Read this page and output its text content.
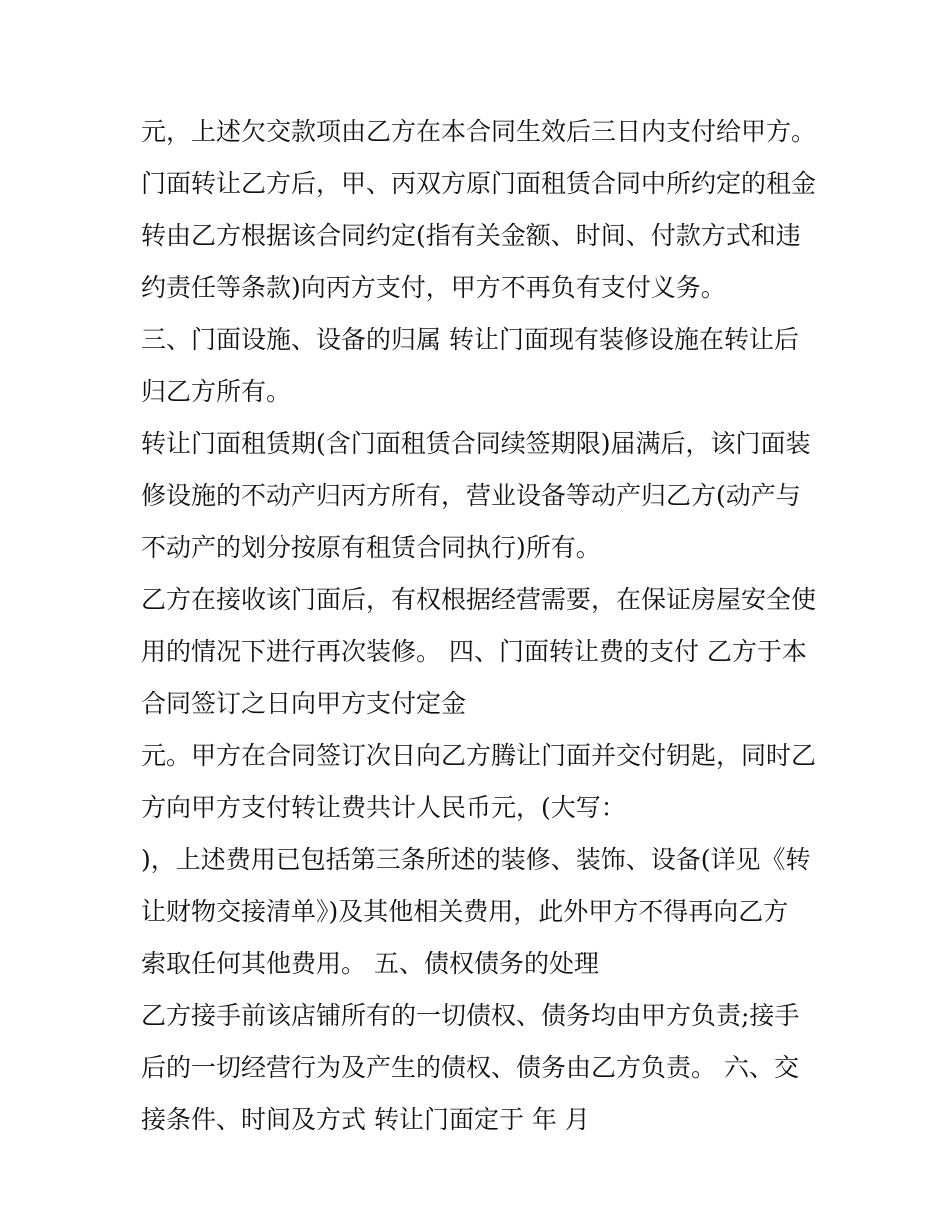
元，上述欠交款项由乙方在本合同生效后三日内支付给甲方。
门面转让乙方后，甲、丙双方原门面租赁合同中所约定的租金
转由乙方根据该合同约定(指有关金额、时间、付款方式和违
约责任等条款)向丙方支付，甲方不再负有支付义务。
三、门面设施、设备的归属 转让门面现有装修设施在转让后
归乙方所有。
转让门面租赁期(含门面租赁合同续签期限)届满后，该门面装
修设施的不动产归丙方所有，营业设备等动产归乙方(动产与
不动产的划分按原有租赁合同执行)所有。
乙方在接收该门面后，有权根据经营需要，在保证房屋安全使
用的情况下进行再次装修。 四、门面转让费的支付 乙方于本
合同签订之日向甲方支付定金
元。甲方在合同签订次日向乙方腾让门面并交付钥匙，同时乙
方向甲方支付转让费共计人民币元，(大写：
)，上述费用已包括第三条所述的装修、装饰、设备(详见《转
让财物交接清单》)及其他相关费用，此外甲方不得再向乙方
索取任何其他费用。 五、债权债务的处理
乙方接手前该店铺所有的一切债权、债务均由甲方负责;接手
后的一切经营行为及产生的债权、债务由乙方负责。 六、交
接条件、时间及方式 转让门面定于 年 月
